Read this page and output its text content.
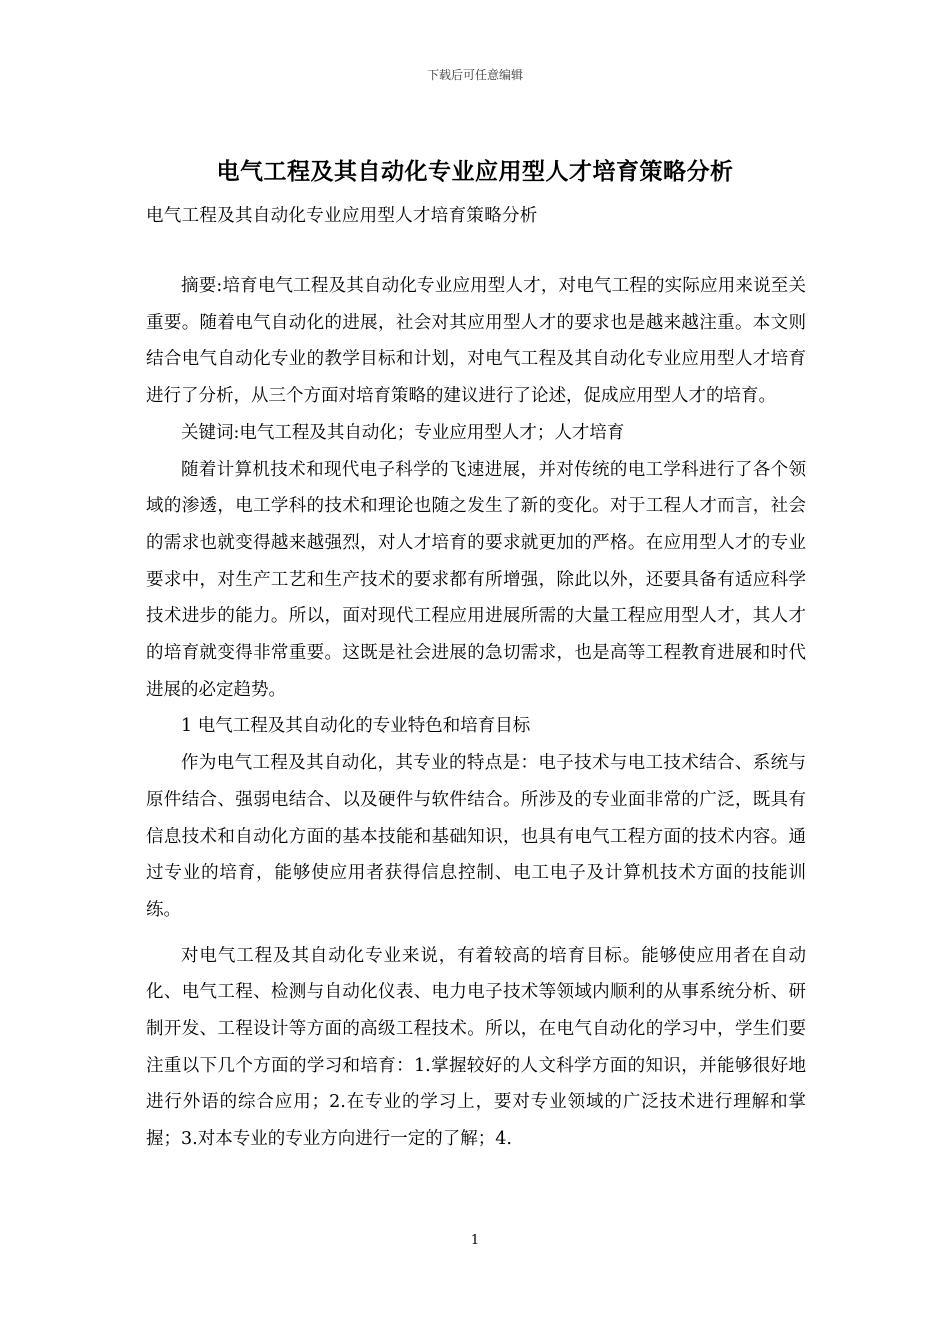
下载后可任意编辑
电气工程及其自动化专业应用型人才培育策略分析
电气工程及其自动化专业应用型人才培育策略分析

摘要:培育电气工程及其自动化专业应用型人才，对电气工程的实际应用来说至关重要。随着电气自动化的进展，社会对其应用型人才的要求也是越来越注重。本文则结合电气自动化专业的教学目标和计划，对电气工程及其自动化专业应用型人才培育进行了分析，从三个方面对培育策略的建议进行了论述，促成应用型人才的培育。

关键词:电气工程及其自动化；专业应用型人才；人才培育

随着计算机技术和现代电子科学的飞速进展，并对传统的电工学科进行了各个领域的渗透，电工学科的技术和理论也随之发生了新的变化。对于工程人才而言，社会的需求也就变得越来越强烈，对人才培育的要求就更加的严格。在应用型人才的专业要求中，对生产工艺和生产技术的要求都有所增强，除此以外，还要具备有适应科学技术进步的能力。所以，面对现代工程应用进展所需的大量工程应用型人才，其人才的培育就变得非常重要。这既是社会进展的急切需求，也是高等工程教育进展和时代进展的必定趋势。

1 电气工程及其自动化的专业特色和培育目标

作为电气工程及其自动化，其专业的特点是：电子技术与电工技术结合、系统与原件结合、强弱电结合、以及硬件与软件结合。所涉及的专业面非常的广泛，既具有信息技术和自动化方面的基本技能和基础知识，也具有电气工程方面的技术内容。通过专业的培育，能够使应用者获得信息控制、电工电子及计算机技术方面的技能训练。

对电气工程及其自动化专业来说，有着较高的培育目标。能够使应用者在自动化、电气工程、检测与自动化仪表、电力电子技术等领域内顺利的从事系统分析、研制开发、工程设计等方面的高级工程技术。所以，在电气自动化的学习中，学生们要注重以下几个方面的学习和培育：1.掌握较好的人文科学方面的知识，并能够很好地进行外语的综合应用；2.在专业的学习上，要对专业领域的广泛技术进行理解和掌握；3.对本专业的专业方向进行一定的了解；4.

1
